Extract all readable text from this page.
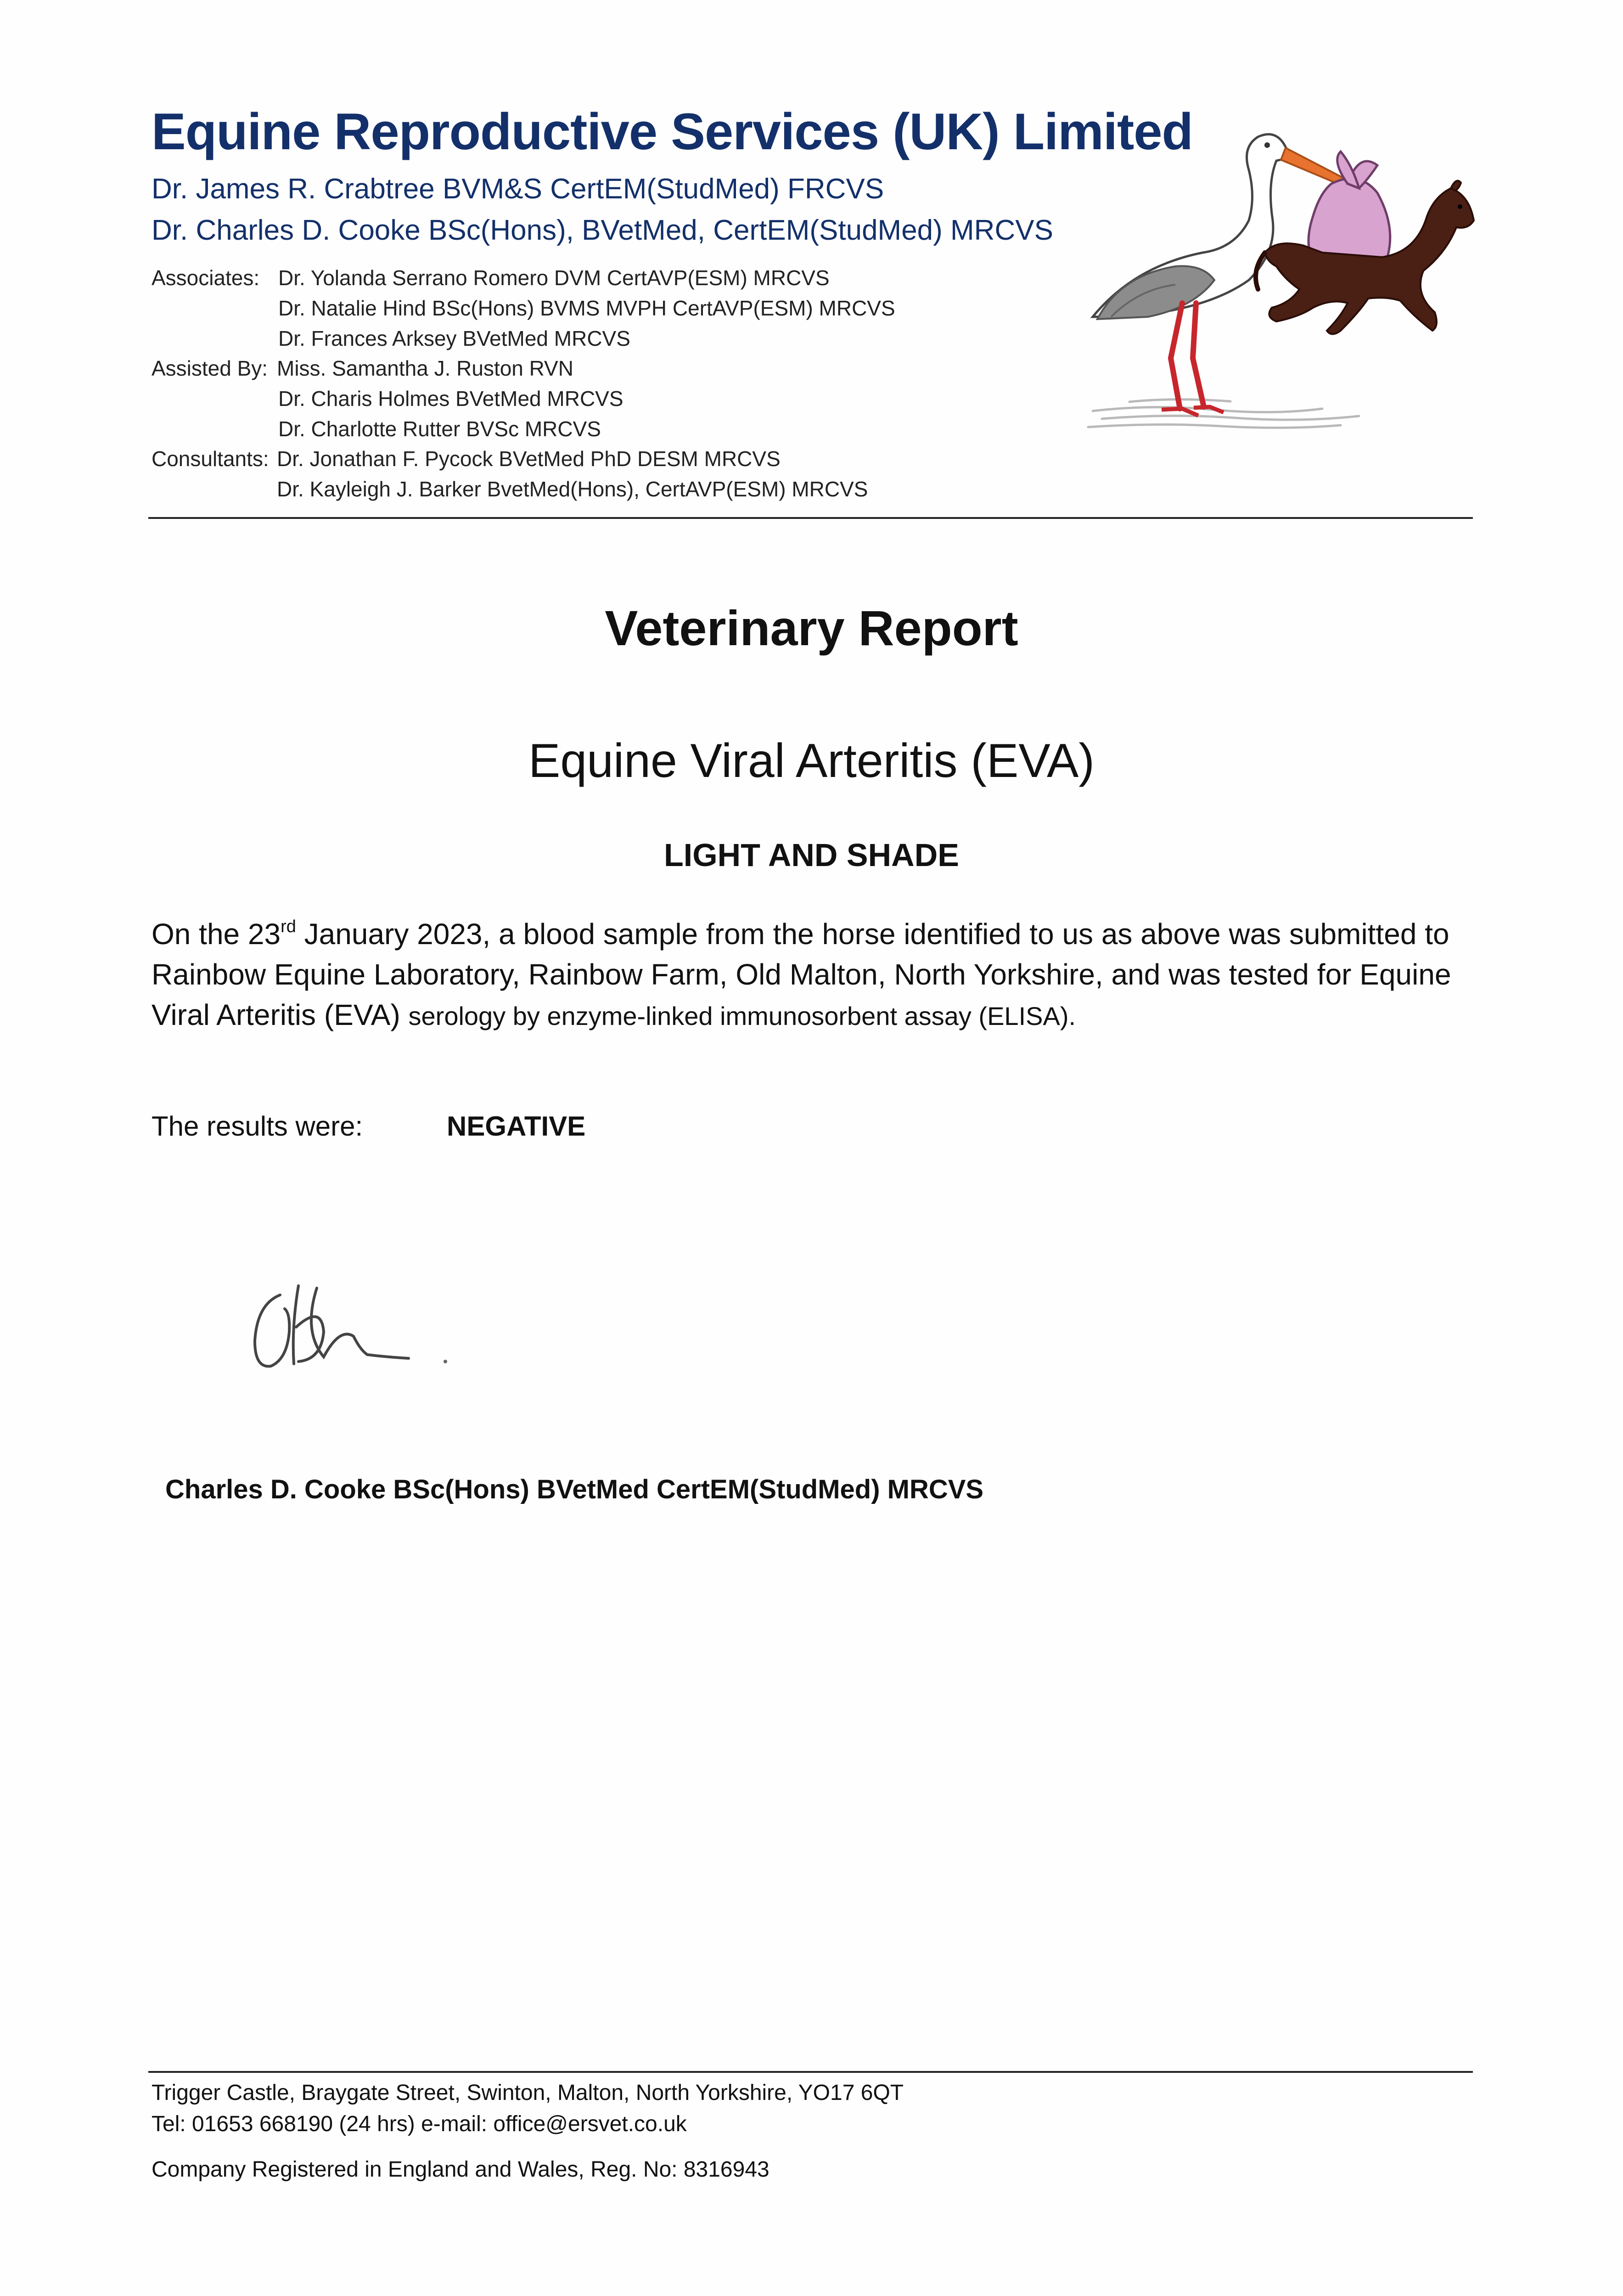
Equine Reproductive Services (UK) Limited
Dr. James R. Crabtree BVM&S CertEM(StudMed) FRCVS
Dr. Charles D. Cooke BSc(Hons), BVetMed, CertEM(StudMed) MRCVS
Associates: Dr. Yolanda Serrano Romero DVM CertAVP(ESM) MRCVS
Dr. Natalie Hind BSc(Hons) BVMS MVPH CertAVP(ESM) MRCVS
Dr. Frances Arksey BVetMed MRCVS
Assisted By: Miss. Samantha J. Ruston RVN
Dr. Charis Holmes BVetMed MRCVS
Dr. Charlotte Rutter BVSc MRCVS
Consultants: Dr. Jonathan F. Pycock BVetMed PhD DESM MRCVS
Dr. Kayleigh J. Barker BvetMed(Hons), CertAVP(ESM) MRCVS
Veterinary Report
Equine Viral Arteritis (EVA)
LIGHT AND SHADE
On the 23rd January 2023, a blood sample from the horse identified to us as above was submitted to Rainbow Equine Laboratory, Rainbow Farm, Old Malton, North Yorkshire, and was tested for Equine Viral Arteritis (EVA) serology by enzyme-linked immunosorbent assay (ELISA).
The results were:	NEGATIVE
Charles D. Cooke BSc(Hons) BVetMed CertEM(StudMed) MRCVS
Trigger Castle, Braygate Street, Swinton, Malton, North Yorkshire, YO17 6QT
Tel: 01653 668190 (24 hrs) e-mail: office@ersvet.co.uk
Company Registered in England and Wales, Reg. No: 8316943
